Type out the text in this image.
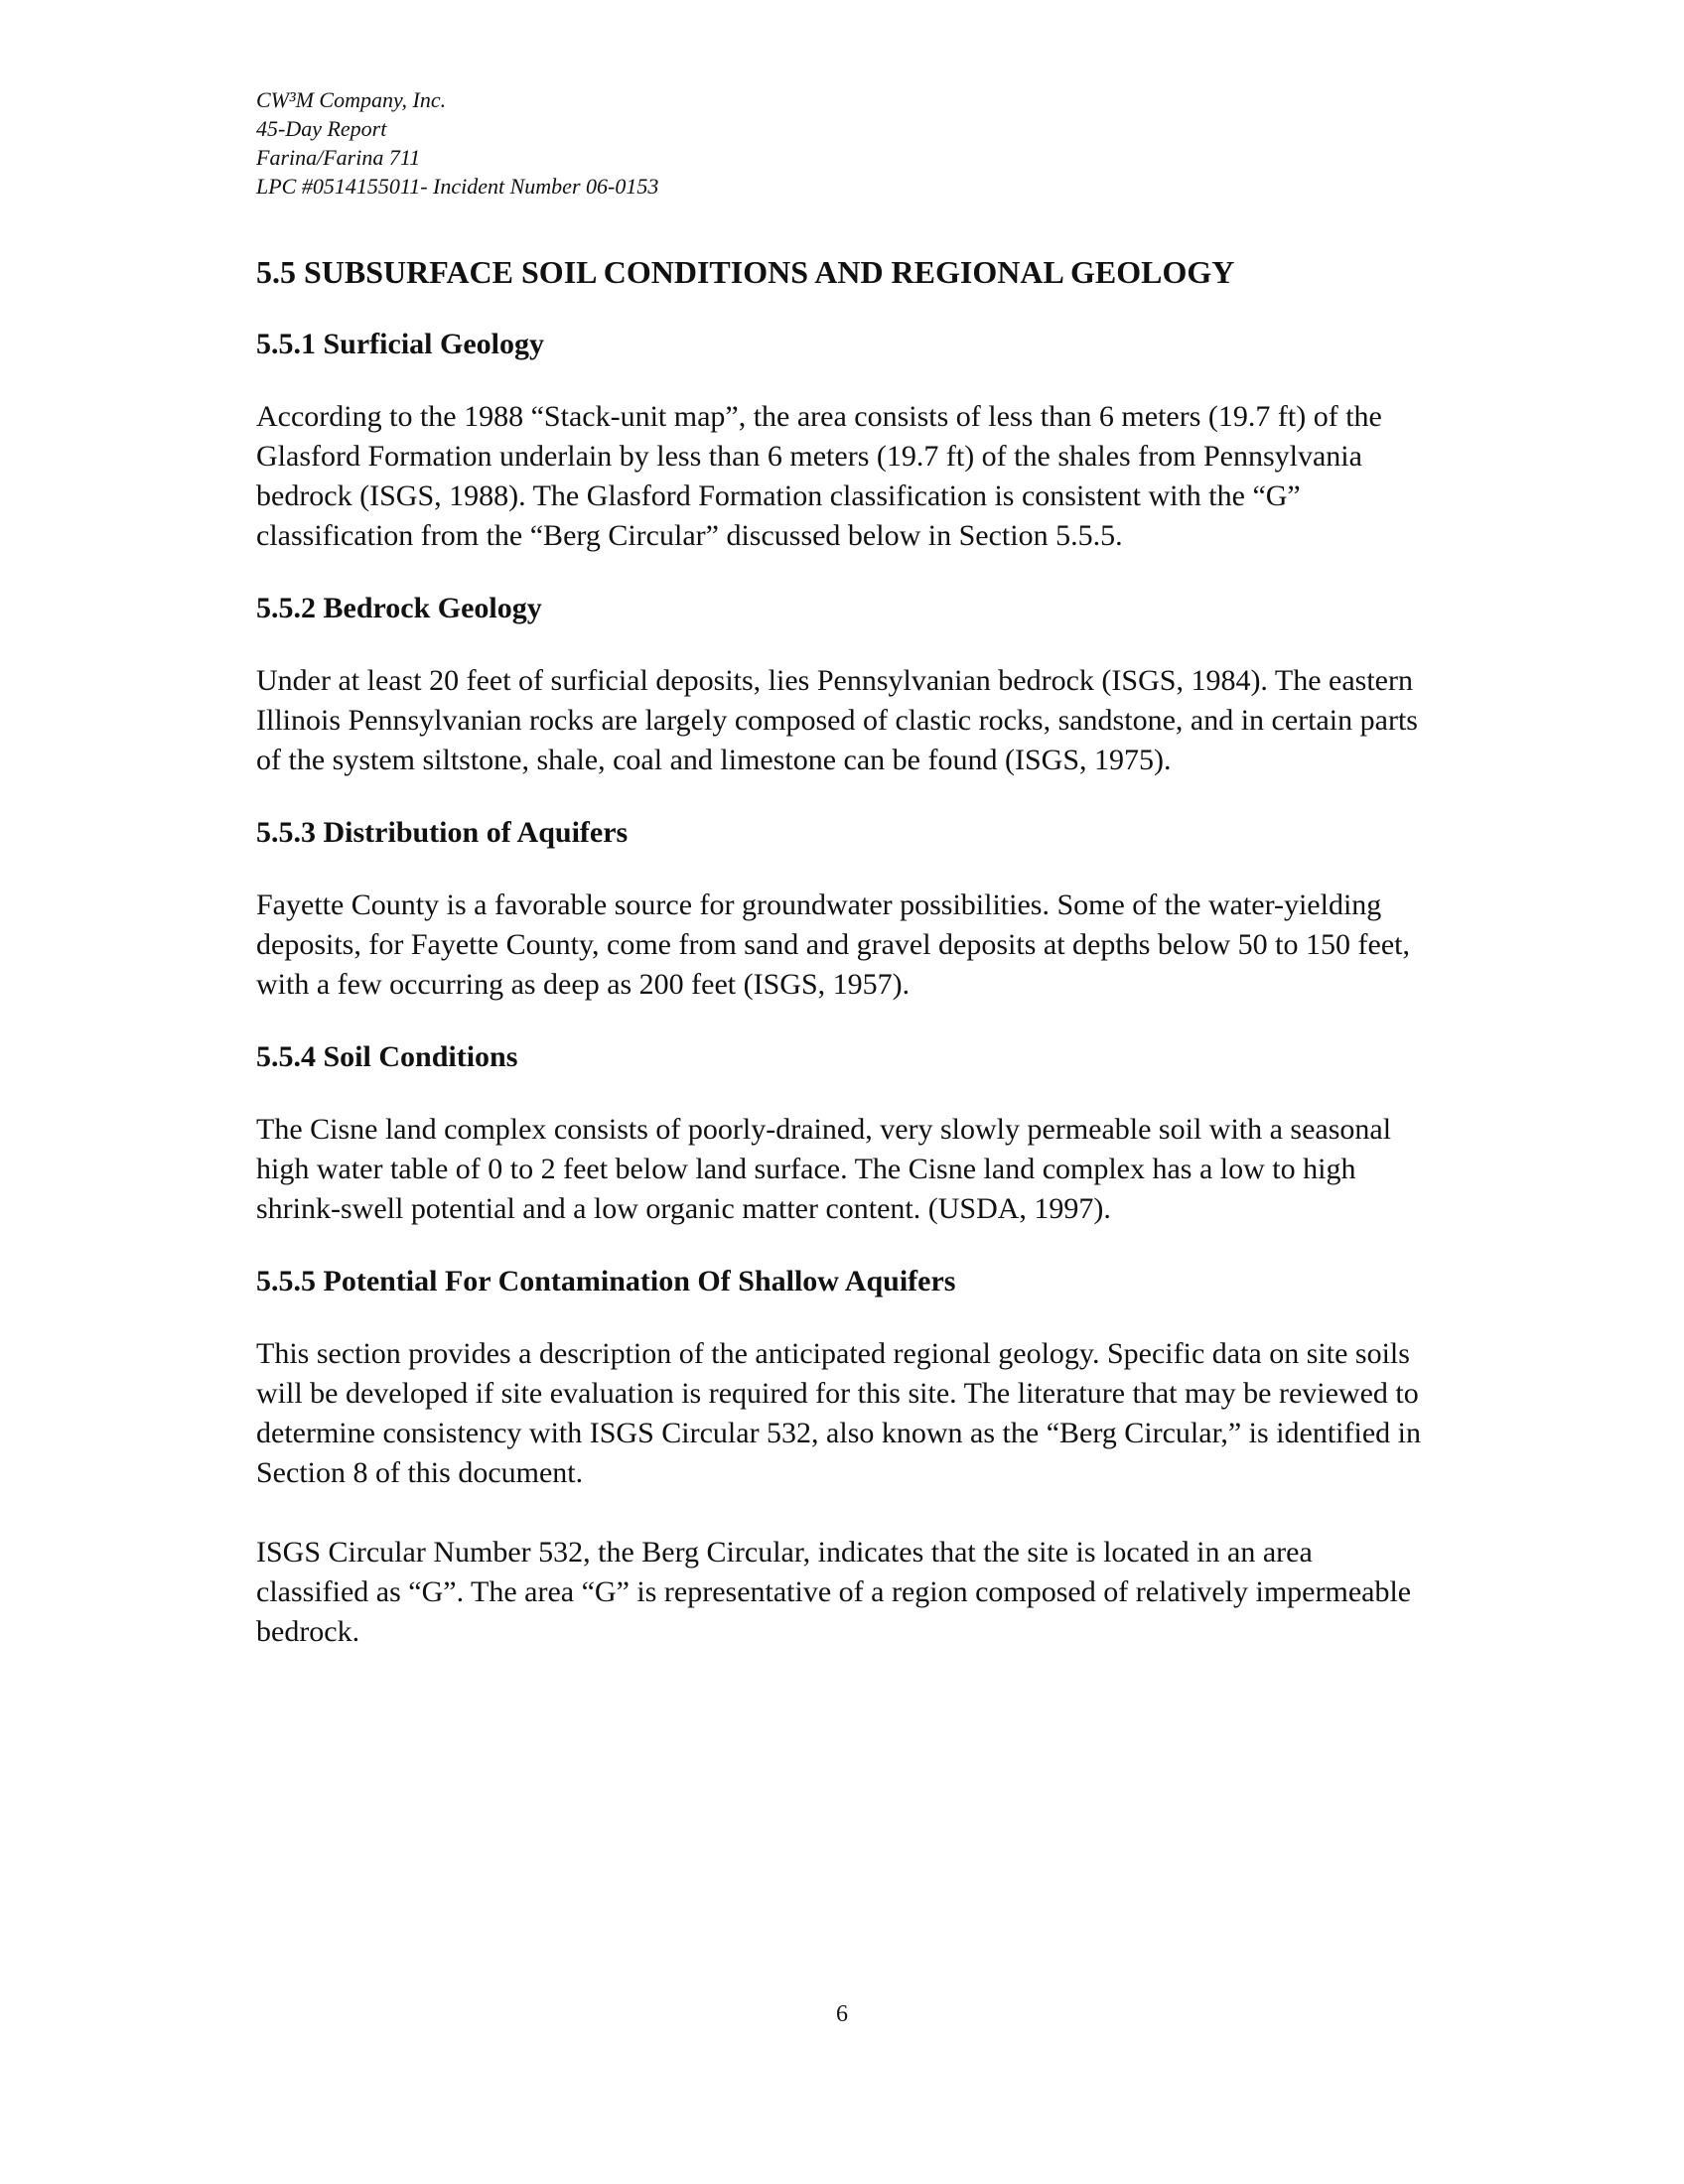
CW³M Company, Inc.
45-Day Report
Farina/Farina 711
LPC #0514155011- Incident Number 06-0153
5.5 SUBSURFACE SOIL CONDITIONS AND REGIONAL GEOLOGY
5.5.1 Surficial Geology

According to the 1988 “Stack-unit map”, the area consists of less than 6 meters (19.7 ft) of the Glasford Formation underlain by less than 6 meters (19.7 ft) of the shales from Pennsylvania bedrock (ISGS, 1988). The Glasford Formation classification is consistent with the “G” classification from the “Berg Circular” discussed below in Section 5.5.5.

5.5.2 Bedrock Geology

Under at least 20 feet of surficial deposits, lies Pennsylvanian bedrock (ISGS, 1984). The eastern Illinois Pennsylvanian rocks are largely composed of clastic rocks, sandstone, and in certain parts of the system siltstone, shale, coal and limestone can be found (ISGS, 1975).

5.5.3 Distribution of Aquifers

Fayette County is a favorable source for groundwater possibilities. Some of the water-yielding deposits, for Fayette County, come from sand and gravel deposits at depths below 50 to 150 feet, with a few occurring as deep as 200 feet (ISGS, 1957).

5.5.4 Soil Conditions

The Cisne land complex consists of poorly-drained, very slowly permeable soil with a seasonal high water table of 0 to 2 feet below land surface. The Cisne land complex has a low to high shrink-swell potential and a low organic matter content. (USDA, 1997).

5.5.5 Potential For Contamination Of Shallow Aquifers

This section provides a description of the anticipated regional geology. Specific data on site soils will be developed if site evaluation is required for this site. The literature that may be reviewed to determine consistency with ISGS Circular 532, also known as the “Berg Circular,” is identified in Section 8 of this document.

ISGS Circular Number 532, the Berg Circular, indicates that the site is located in an area classified as “G”. The area “G” is representative of a region composed of relatively impermeable bedrock.

6
